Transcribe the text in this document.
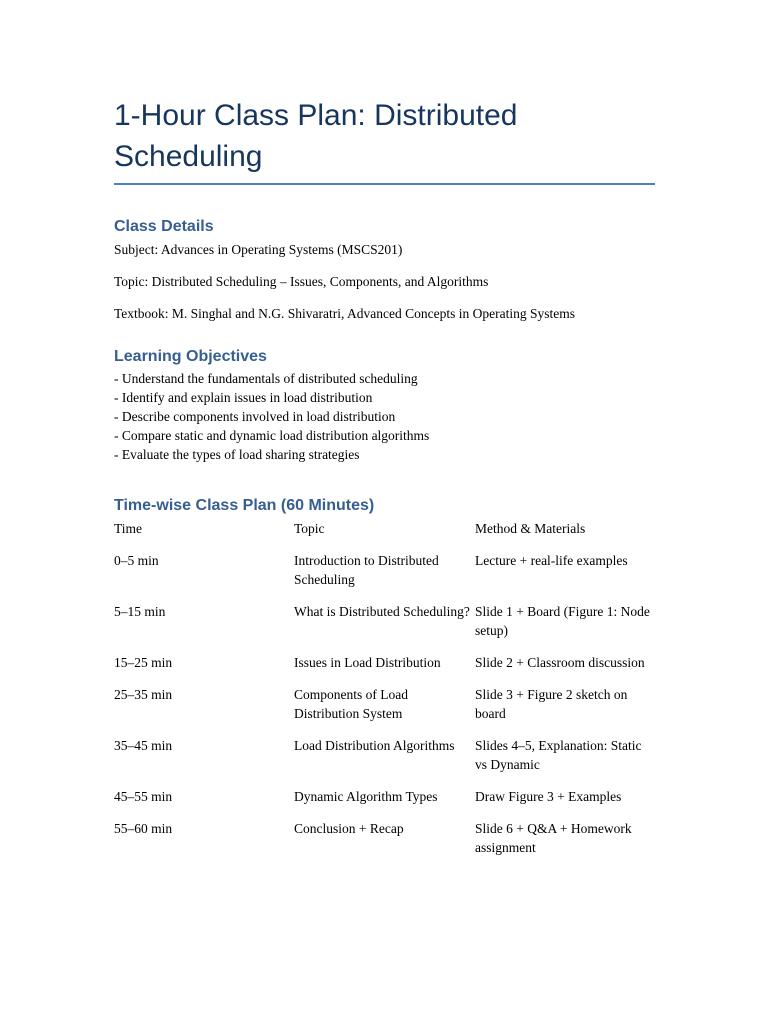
1-Hour Class Plan: Distributed Scheduling
Class Details

Subject: Advances in Operating Systems (MSCS201)

Topic: Distributed Scheduling – Issues, Components, and Algorithms

Textbook: M. Singhal and N.G. Shivaratri, Advanced Concepts in Operating Systems

Learning Objectives
- Understand the fundamentals of distributed scheduling
- Identify and explain issues in load distribution
- Describe components involved in load distribution
- Compare static and dynamic load distribution algorithms
- Evaluate the types of load sharing strategies
Time-wise Class Plan (60 Minutes)
Time	Topic	Method & Materials
0–5 min	Introduction to Distributed Scheduling	Lecture + real-life examples
5–15 min	What is Distributed Scheduling?	Slide 1 + Board (Figure 1: Node setup)
15–25 min	Issues in Load Distribution	Slide 2 + Classroom discussion
25–35 min	Components of Load Distribution System	Slide 3 + Figure 2 sketch on board
35–45 min	Load Distribution Algorithms	Slides 4–5, Explanation: Static vs Dynamic
45–55 min	Dynamic Algorithm Types	Draw Figure 3 + Examples
55–60 min	Conclusion + Recap	Slide 6 + Q&A + Homework assignment
